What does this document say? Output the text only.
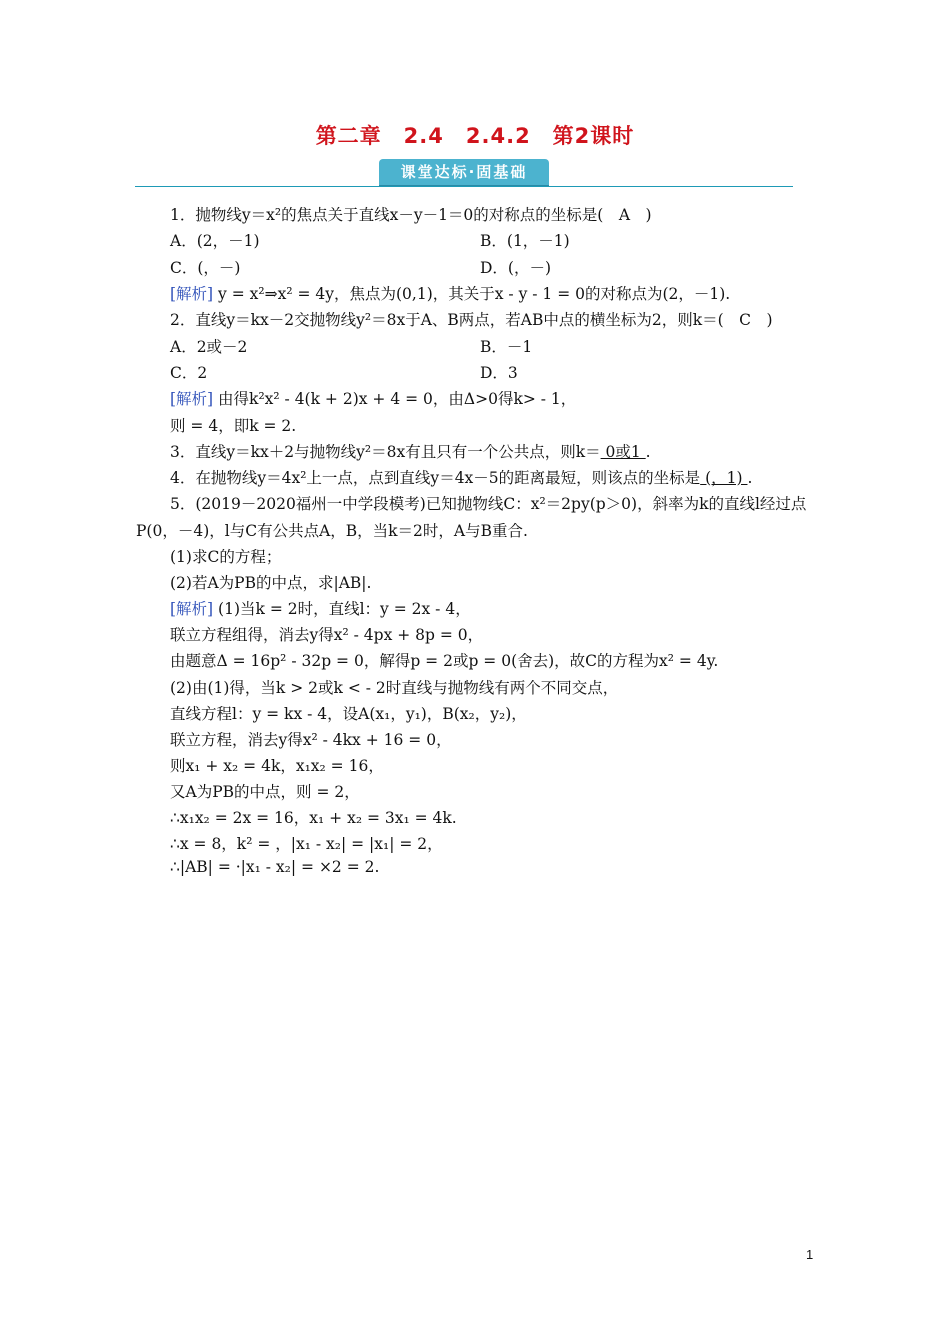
第二章　2.4　2.4.2　第2课时
课堂达标·固基础
1．抛物线y＝x²的焦点关于直线x－y－1＝0的对称点的坐标是(　A　)
A．(2，－1)	B．(1，－1)
C．(，－)	D．(，－)
[解析] y = x²⇒x² = 4y，焦点为(0,1)，其关于x - y - 1 = 0的对称点为(2，－1).
2．直线y＝kx－2交抛物线y²＝8x于A、B两点，若AB中点的横坐标为2，则k＝(　C　)
A．2或－2	B．－1
C．2	D．3
[解析] 由得k²x² - 4(k + 2)x + 4 = 0，由Δ>0得k> - 1，
则 = 4，即k = 2.
3．直线y＝kx＋2与抛物线y²＝8x有且只有一个公共点，则k＝ 0或1 .
4．在抛物线y＝4x²上一点，点到直线y＝4x－5的距离最短，则该点的坐标是 (，1) .
5．(2019－2020福州一中学段模考)已知抛物线C：x²＝2py(p＞0)，斜率为k的直线l经过点
P(0，－4)，l与C有公共点A，B，当k＝2时，A与B重合.
(1)求C的方程；
(2)若A为PB的中点，求|AB|.
[解析] (1)当k = 2时，直线l：y = 2x - 4，
联立方程组得，消去y得x² - 4px + 8p = 0，
由题意Δ = 16p² - 32p = 0，解得p = 2或p = 0(舍去)，故C的方程为x² = 4y.
(2)由(1)得，当k > 2或k < - 2时直线与抛物线有两个不同交点，
直线方程l：y = kx - 4，设A(x₁，y₁)，B(x₂，y₂)，
联立方程，消去y得x² - 4kx + 16 = 0，
则x₁ + x₂ = 4k，x₁x₂ = 16，
又A为PB的中点，则 = 2，
∴x₁x₂ = 2x = 16，x₁ + x₂ = 3x₁ = 4k.
∴x = 8，k² = ，|x₁ - x₂| = |x₁| = 2，
∴|AB| = ·|x₁ - x₂| = ×2 = 2.
1
